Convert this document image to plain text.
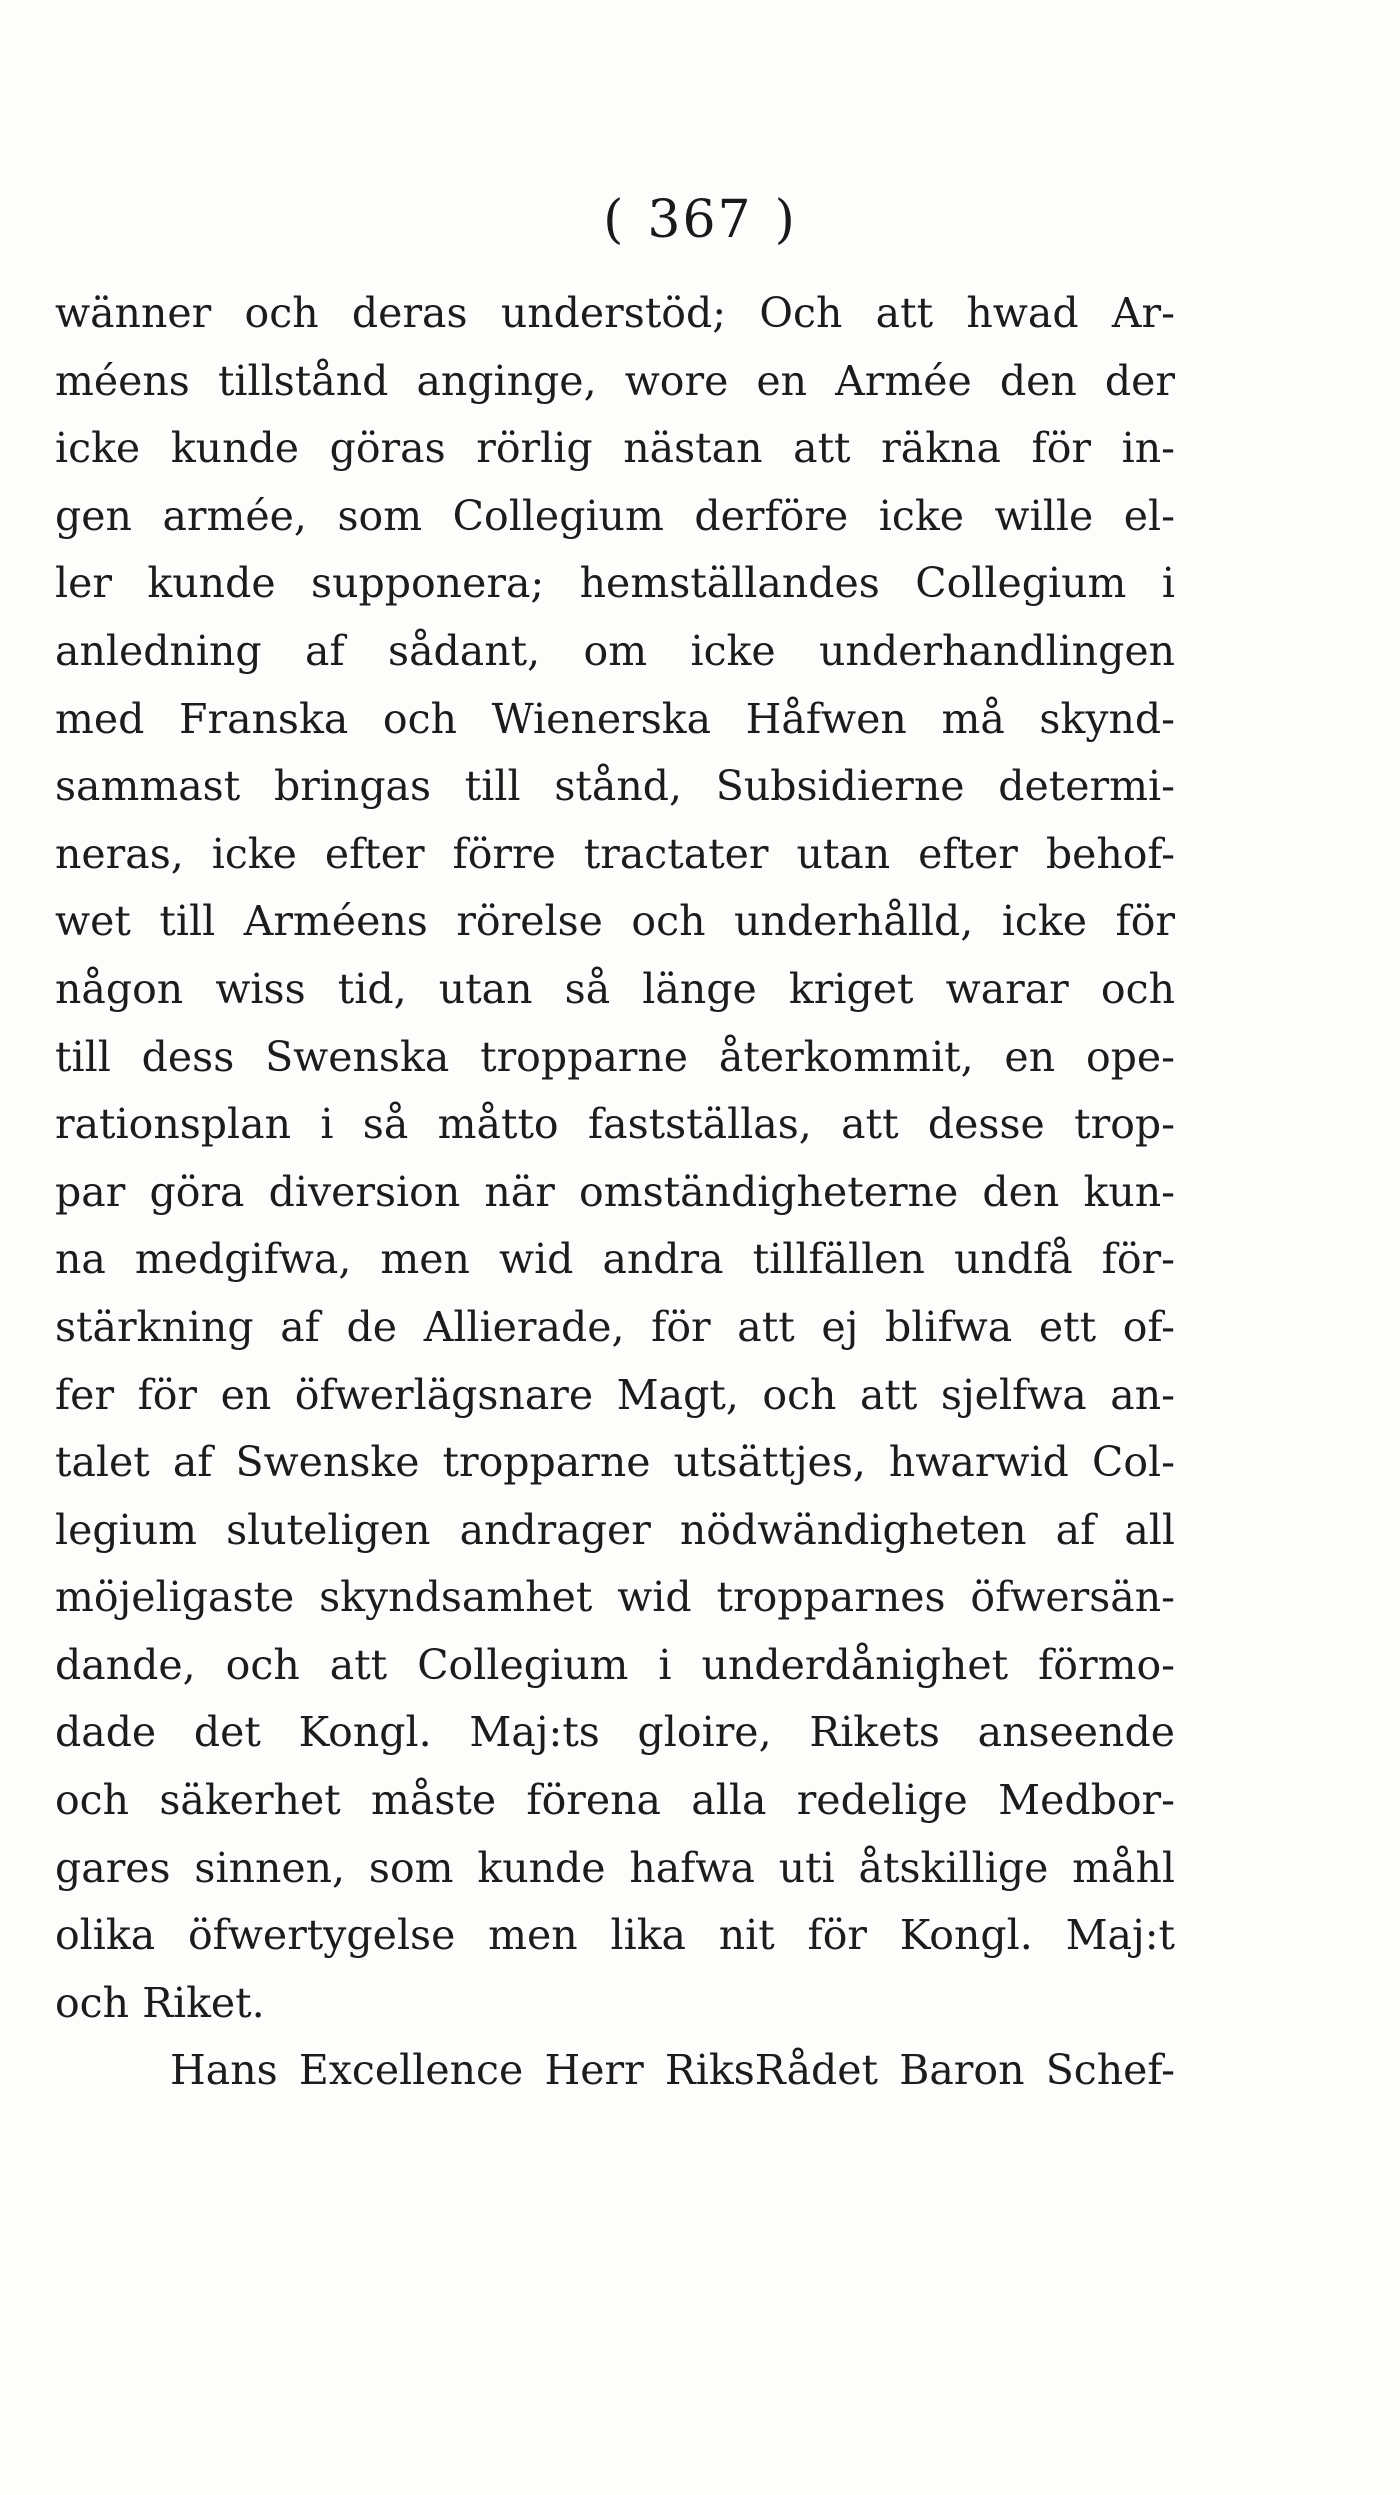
( 367 )
wänner och deras understöd; Och att hwad Ar-
méens tillstånd anginge, wore en Armée den der
icke kunde göras rörlig nästan att räkna för in-
gen armée, som Collegium derföre icke wille el-
ler kunde supponera; hemställandes Collegium i
anledning af sådant, om icke underhandlingen
med Franska och Wienerska Håfwen må skynd-
sammast bringas till stånd, Subsidierne determi-
neras, icke efter förre tractater utan efter behof-
wet till Arméens rörelse och underhålld, icke för
någon wiss tid, utan så länge kriget warar och
till dess Swenska tropparne återkommit, en ope-
rationsplan i så måtto fastställas, att desse trop-
par göra diversion när omständigheterne den kun-
na medgifwa, men wid andra tillfällen undfå för-
stärkning af de Allierade, för att ej blifwa ett of-
fer för en öfwerlägsnare Magt, och att sjelfwa an-
talet af Swenske tropparne utsättjes, hwarwid Col-
legium sluteligen andrager nödwändigheten af all
möjeligaste skyndsamhet wid tropparnes öfwersän-
dande, och att Collegium i underdånighet förmo-
dade det Kongl. Maj:ts gloire, Rikets anseende
och säkerhet måste förena alla redelige Medbor-
gares sinnen, som kunde hafwa uti åtskillige måhl
olika öfwertygelse men lika nit för Kongl. Maj:t
och Riket.
Hans Excellence Herr RiksRådet Baron Schef-
